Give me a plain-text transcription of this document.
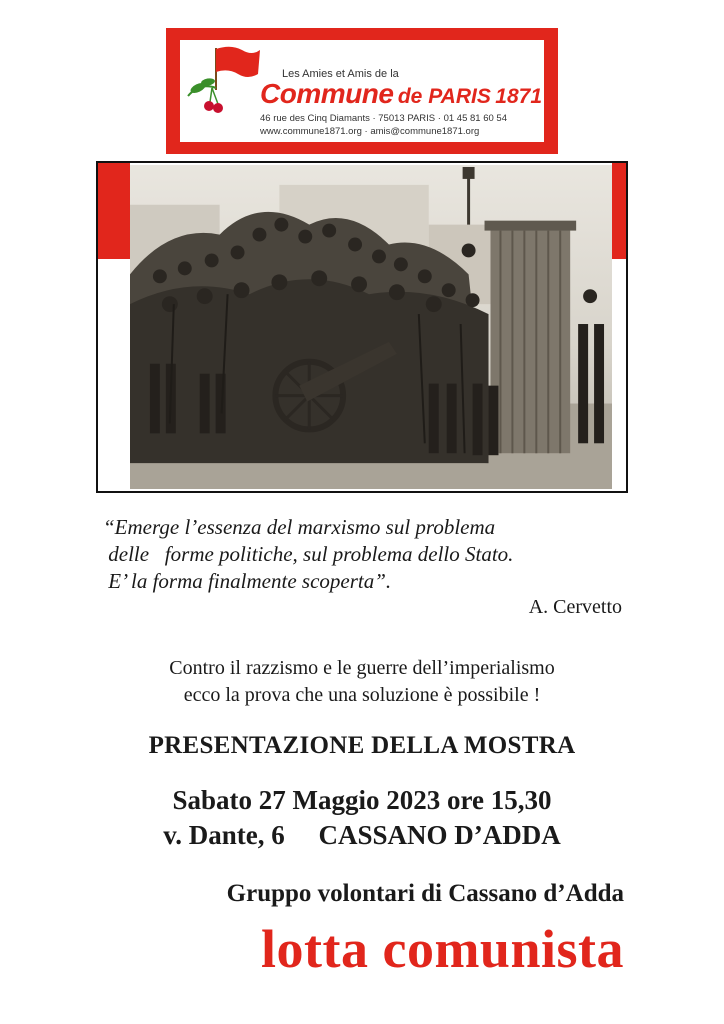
Les Amies et Amis de la
Commune de PARIS 1871
46 rue des Cinq Diamants · 75013 PARIS · 01 45 81 60 54
www.commune1871.org · amis@commune1871.org
“Emerge l’essenza del marxismo sul problema
delle   forme politiche, sul problema dello Stato.
E’ la forma finalmente scoperta”.
A. Cervetto
Contro il razzismo e le guerre dell’imperialismo
ecco la prova che una soluzione è possibile !
PRESENTAZIONE DELLA MOSTRA
Sabato 27 Maggio 2023 ore 15,30
v. Dante, 6     CASSANO D’ADDA
Gruppo volontari di Cassano d’Adda
lotta comunista
